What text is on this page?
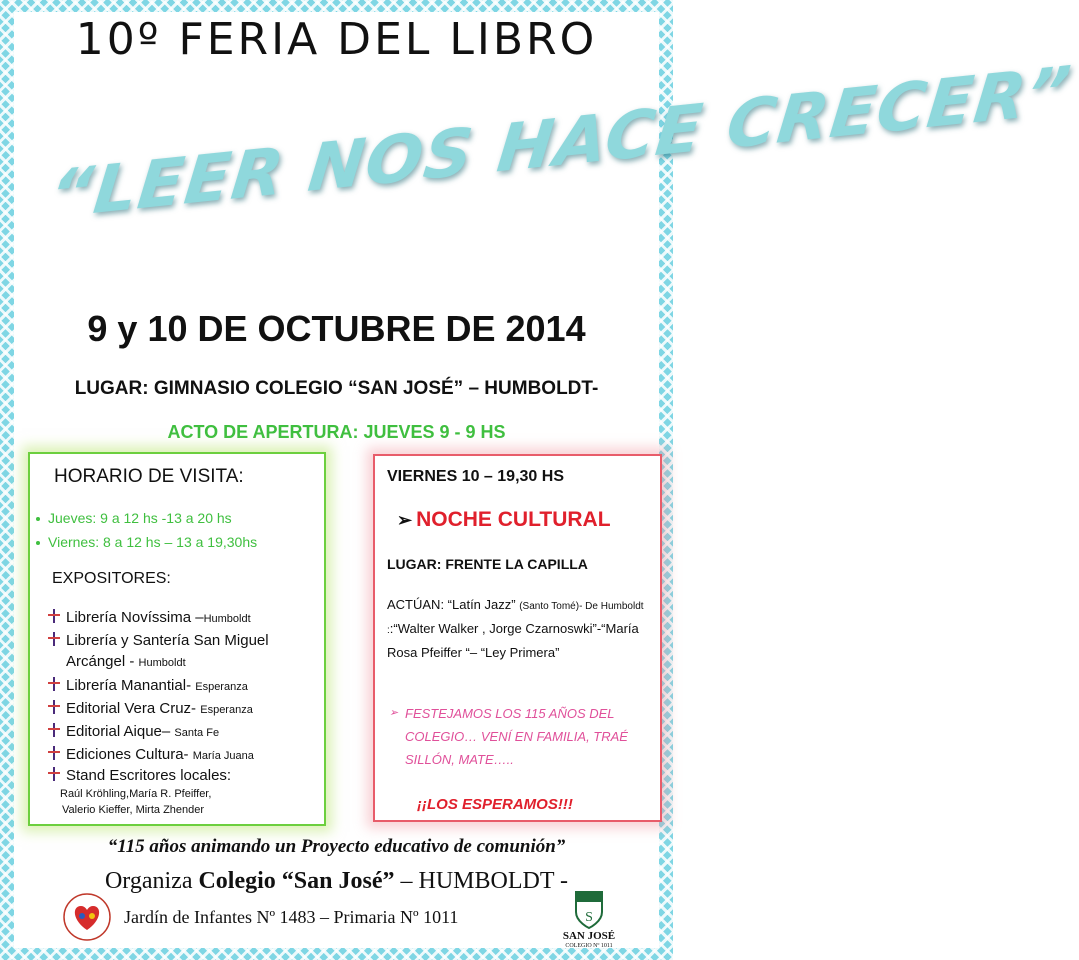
10º FERIA DEL LIBRO
“LEER NOS HACE CRECER”
9 y 10 DE OCTUBRE DE 2014
LUGAR: GIMNASIO COLEGIO “SAN JOSÉ” – HUMBOLDT-
ACTO DE APERTURA: JUEVES 9 - 9 HS
HORARIO DE VISITA:
Jueves: 9 a 12 hs -13 a 20 hs
Viernes: 8 a 12 hs – 13 a 19,30hs
EXPOSITORES:
Librería Novíssima –Humboldt
Librería y Santería San Miguel
Arcángel - Humboldt
Librería Manantial- Esperanza
Editorial Vera Cruz- Esperanza
Editorial Aique– Santa Fe
Ediciones Cultura- María Juana
Stand Escritores locales:
Raúl Kröhling,María R. Pfeiffer,
Valerio Kieffer, Mirta Zhender
VIERNES 10 – 19,30 HS
➢ NOCHE CULTURAL
LUGAR: FRENTE LA CAPILLA
ACTÚAN: “Latín Jazz” (Santo Tomé)- De Humboldt ::“Walter Walker , Jorge Czarnoswki”-“María Rosa Pfeiffer “– “Ley Primera”
➢ FESTEJAMOS LOS 115 AÑOS DEL COLEGIO… VENÍ EN FAMILIA, TRAÉ SILLÓN, MATE…..
¡¡LOS ESPERAMOS!!!
“115 años animando un Proyecto educativo de comunión”
Organiza Colegio “San José” – HUMBOLDT -
Jardín de Infantes Nº 1483 – Primaria Nº 1011	S
SAN JOSÉ
COLEGIO Nº 1011
